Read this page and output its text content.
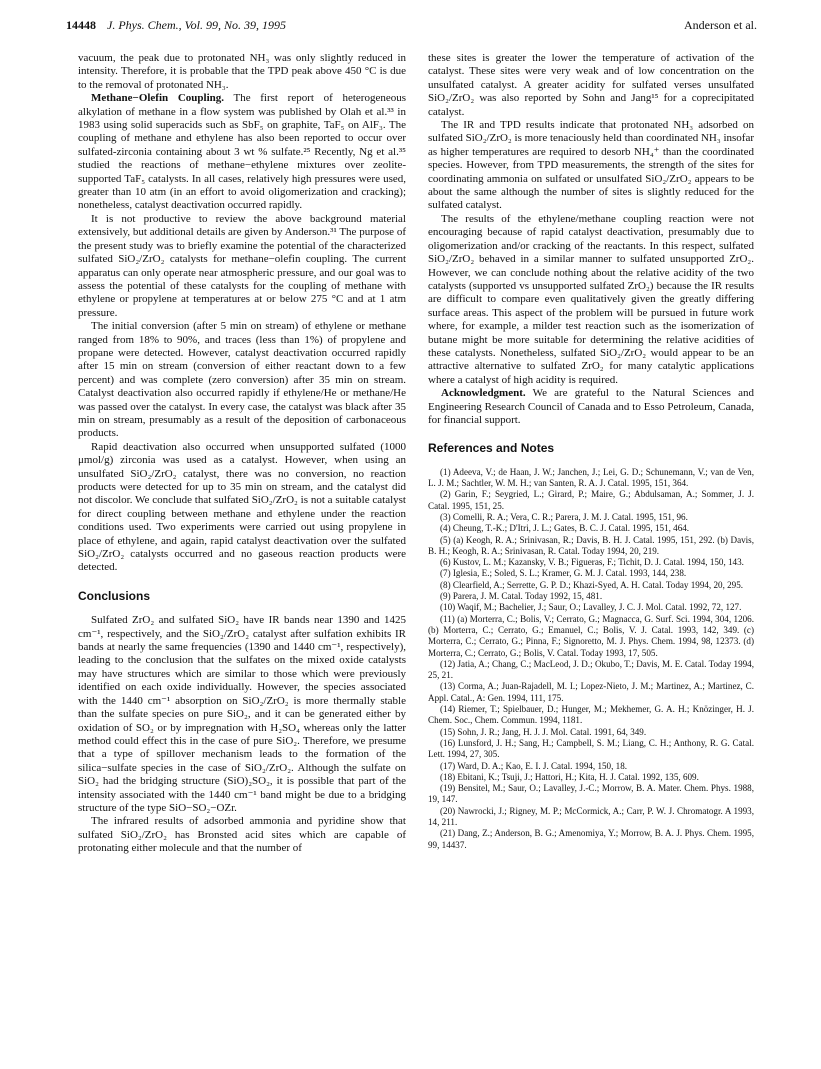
14448 J. Phys. Chem., Vol. 99, No. 39, 1995	Anderson et al.

vacuum, the peak due to protonated NH₃ was only slightly reduced in intensity. Therefore, it is probable that the TPD peak above 450 °C is due to the removal of protonated NH₃.

Methane−Olefin Coupling. The first report of heterogeneous alkylation of methane in a flow system was published by Olah et al.³³ in 1983 using solid superacids such as SbF₅ on graphite, TaF₅ on AlF₃. The coupling of methane and ethylene has also been reported to occur over sulfated-zirconia containing about 3 wt % sulfate.²⁵ Recently, Ng et al.³⁵ studied the reactions of methane−ethylene mixtures over zeolite-supported TaF₅ catalysts. In all cases, relatively high pressures were used, greater than 10 atm (in an effort to avoid oligomerization and cracking); nonetheless, catalyst deactivation occurred rapidly.

It is not productive to review the above background material extensively, but additional details are given by Anderson.³¹ The purpose of the present study was to briefly examine the potential of the characterized sulfated SiO₂/ZrO₂ catalysts for methane−olefin coupling. The current apparatus can only operate near atmospheric pressure, and our goal was to assess the potential of these catalysts for the coupling of methane with ethylene or propylene at temperatures at or below 275 °C and at 1 atm pressure.

The initial conversion (after 5 min on stream) of ethylene or methane ranged from 18% to 90%, and traces (less than 1%) of propylene and propane were detected. However, catalyst deactivation occurred rapidly after 15 min on stream (conversion of either reactant down to a few percent) and was complete (zero conversion) after 35 min on stream. Catalyst deactivation also occurred rapidly if ethylene/He or methane/He was passed over the catalyst. In every case, the catalyst was black after 35 min on stream, presumably as a result of the deposition of carbonaceous products.

Rapid deactivation also occurred when unsupported sulfated (1000 μmol/g) zirconia was used as a catalyst. However, when using an unsulfated SiO₂/ZrO₂ catalyst, there was no conversion, no reaction products were detected for up to 35 min on stream, and the catalyst did not discolor. We conclude that sulfated SiO₂/ZrO₂ is not a suitable catalyst for direct coupling between methane and ethylene under the reaction conditions used. Two experiments were carried out using propylene in place of ethylene, and again, rapid catalyst deactivation over the sulfated SiO₂/ZrO₂ catalysts occurred and no gaseous reaction products were detected.

Conclusions

Sulfated ZrO₂ and sulfated SiO₂ have IR bands near 1390 and 1425 cm⁻¹, respectively, and the SiO₂/ZrO₂ catalyst after sulfation exhibits IR bands at nearly the same frequencies (1390 and 1440 cm⁻¹, respectively), leading to the conclusion that the sulfates on the mixed oxide catalysts may have structures which are similar to those which were previously identified on each oxide individually. However, the species associated with the 1440 cm⁻¹ absorption on SiO₂/ZrO₂ is more thermally stable than the sulfate species on pure SiO₂, and it can be generated either by oxidation of SO₂ or by impregnation with H₂SO₄ whereas only the latter method could effect this in the case of pure SiO₂. Therefore, we presume that a type of spillover mechanism leads to the formation of the silica−sulfate species in the case of SiO₂/ZrO₂. Although the sulfate on SiO₂ had the bridging structure (SiO)₂SO₂, it is possible that part of the intensity associated with the 1440 cm⁻¹ band might be due to a bridging structure of the type SiO−SO₂−OZr.

The infrared results of adsorbed ammonia and pyridine show that sulfated SiO₂/ZrO₂ has Bronsted acid sites which are capable of protonating either molecule and that the number of

these sites is greater the lower the temperature of activation of the catalyst. These sites were very weak and of low concentration on the unsulfated catalyst. A greater acidity for sulfated verses unsulfated SiO₂/ZrO₂ was also reported by Sohn and Jang¹⁵ for a coprecipitated catalyst.

The IR and TPD results indicate that protonated NH₃ adsorbed on sulfated SiO₂/ZrO₂ is more tenaciously held than coordinated NH₃ insofar as higher temperatures are required to desorb NH₄⁺ than the coordinated species. However, from TPD measurements, the strength of the sites for coordinating ammonia on sulfated or unsulfated SiO₂/ZrO₂ appears to be about the same although the number of sites is slightly reduced for the sulfated catalyst.

The results of the ethylene/methane coupling reaction were not encouraging because of rapid catalyst deactivation, presumably due to oligomerization and/or cracking of the reactants. In this respect, sulfated SiO₂/ZrO₂ behaved in a similar manner to sulfated unsupported ZrO₂. However, we can conclude nothing about the relative acidity of the two catalysts (supported vs unsupported sulfated ZrO₂) because the IR results are difficult to compare even qualitatively given the greatly differing surface areas. This aspect of the problem will be pursued in future work where, for example, a milder test reaction such as the isomerization of butane might be more suitable for determining the relative acidities of these catalysts. Nonetheless, sulfated SiO₂/ZrO₂ would appear to be an attractive alternative to sulfated ZrO₂ for many catalytic applications where a catalyst of high acidity is required.

Acknowledgment. We are grateful to the Natural Sciences and Engineering Research Council of Canada and to Esso Petroleum, Canada, for financial support.

References and Notes

(1) Adeeva, V.; de Haan, J. W.; Janchen, J.; Lei, G. D.; Schunemann, V.; van de Ven, L. J. M.; Sachtler, W. M. H.; van Santen, R. A. J. Catal. 1995, 151, 364.

(2) Garin, F.; Seygried, L.; Girard, P.; Maire, G.; Abdulsaman, A.; Sommer, J. J. Catal. 1995, 151, 25.

(3) Comelli, R. A.; Vera, C. R.; Parera, J. M. J. Catal. 1995, 151, 96.

(4) Cheung, T.-K.; D'Itri, J. L.; Gates, B. C. J. Catal. 1995, 151, 464.

(5) (a) Keogh, R. A.; Srinivasan, R.; Davis, B. H. J. Catal. 1995, 151, 292. (b) Davis, B. H.; Keogh, R. A.; Srinivasan, R. Catal. Today 1994, 20, 219.

(6) Kustov, L. M.; Kazansky, V. B.; Figueras, F.; Tichit, D. J. Catal. 1994, 150, 143.

(7) Iglesia, E.; Soled, S. L.; Kramer, G. M. J. Catal. 1993, 144, 238.

(8) Clearfield, A.; Serrette, G. P. D.; Khazi-Syed, A. H. Catal. Today 1994, 20, 295.

(9) Parera, J. M. Catal. Today 1992, 15, 481.

(10) Waqif, M.; Bachelier, J.; Saur, O.; Lavalley, J. C. J. Mol. Catal. 1992, 72, 127.

(11) (a) Morterra, C.; Bolis, V.; Cerrato, G.; Magnacca, G. Surf. Sci. 1994, 304, 1206. (b) Morterra, C.; Cerrato, G.; Emanuel, C.; Bolis, V. J. Catal. 1993, 142, 349. (c) Morterra, C.; Cerrato, G.; Pinna, F.; Signoretto, M. J. Phys. Chem. 1994, 98, 12373. (d) Morterra, C.; Cerrato, G.; Bolis, V. Catal. Today 1993, 17, 505.

(12) Jatia, A.; Chang, C.; MacLeod, J. D.; Okubo, T.; Davis, M. E. Catal. Today 1994, 25, 21.

(13) Corma, A.; Juan-Rajadell, M. I.; Lopez-Nieto, J. M.; Martinez, A.; Martinez, C. Appl. Catal., A: Gen. 1994, 111, 175.

(14) Riemer, T.; Spielbauer, D.; Hunger, M.; Mekhemer, G. A. H.; Knözinger, H. J. Chem. Soc., Chem. Commun. 1994, 1181.

(15) Sohn, J. R.; Jang, H. J. J. Mol. Catal. 1991, 64, 349.

(16) Lunsford, J. H.; Sang, H.; Campbell, S. M.; Liang, C. H.; Anthony, R. G. Catal. Lett. 1994, 27, 305.

(17) Ward, D. A.; Kao, E. I. J. Catal. 1994, 150, 18.

(18) Ebitani, K.; Tsuji, J.; Hattori, H.; Kita, H. J. Catal. 1992, 135, 609.

(19) Bensitel, M.; Saur, O.; Lavalley, J.-C.; Morrow, B. A. Mater. Chem. Phys. 1988, 19, 147.

(20) Nawrocki, J.; Rigney, M. P.; McCormick, A.; Carr, P. W. J. Chromatogr. A 1993, 14, 211.

(21) Dang, Z.; Anderson, B. G.; Amenomiya, Y.; Morrow, B. A. J. Phys. Chem. 1995, 99, 14437.
